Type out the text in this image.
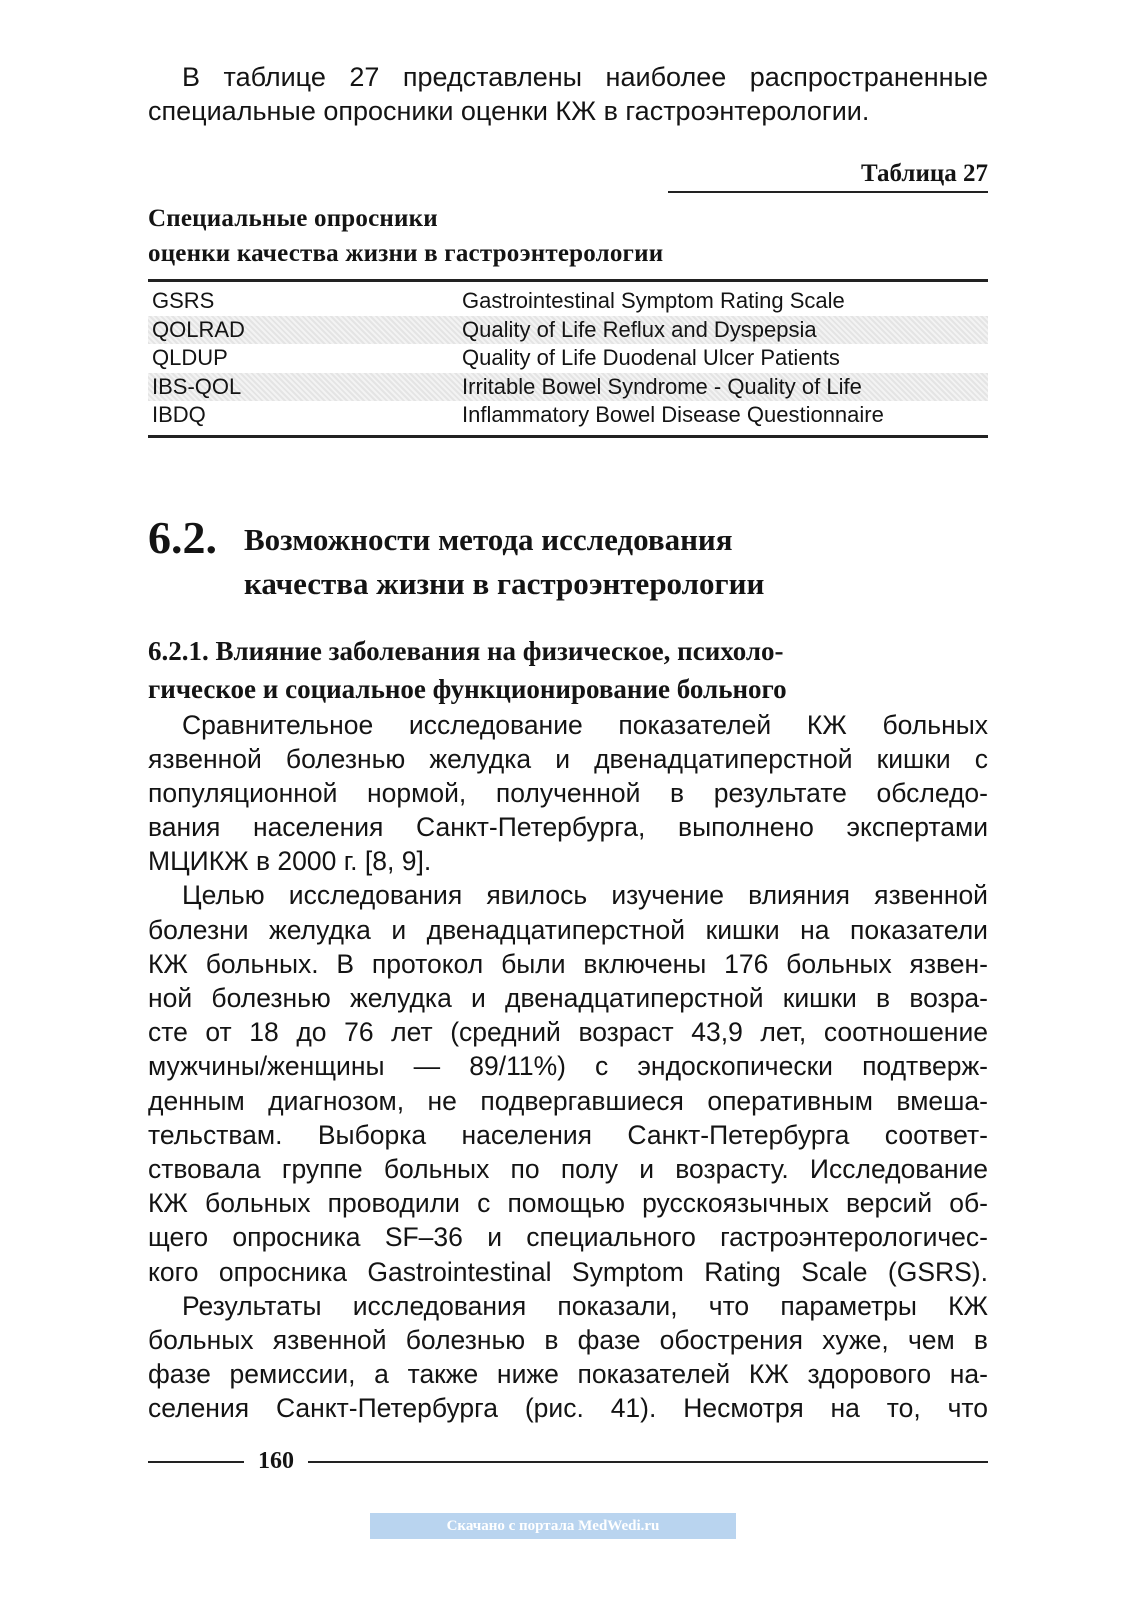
В таблице 27 представлены наиболее распространенные специальные опросники оценки КЖ в гастроэнтерологии.

Таблица 27
Специальные опросники
оценки качества жизни в гастроэнтерологии
GSRS	Gastrointestinal Symptom Rating Scale
QOLRAD	Quality of Life Reflux and Dyspepsia
QLDUP	Quality of Life Duodenal Ulcer Patients
IBS-QOL	Irritable Bowel Syndrome - Quality of Life
IBDQ	Inflammatory Bowel Disease Questionnaire
6.2. Возможности метода исследования
качества жизни в гастроэнтерологии
6.2.1. Влияние заболевания на физическое, психоло-
гическое и социальное функционирование больного

Сравнительное исследование показателей КЖ больных
язвенной болезнью желудка и двенадцатиперстной кишки с
популяционной нормой, полученной в результате обследо-
вания населения Санкт-Петербурга, выполнено экспертами
МЦИКЖ в 2000 г. [8, 9].

Целью исследования явилось изучение влияния язвенной
болезни желудка и двенадцатиперстной кишки на показатели
КЖ больных. В протокол были включены 176 больных язвен-
ной болезнью желудка и двенадцатиперстной кишки в возра-
сте от 18 до 76 лет (средний возраст 43,9 лет, соотношение
мужчины/женщины — 89/11%) с эндоскопически подтверж-
денным диагнозом, не подвергавшиеся оперативным вмеша-
тельствам. Выборка населения Санкт-Петербурга соответ-
ствовала группе больных по полу и возрасту. Исследование
КЖ больных проводили с помощью русскоязычных версий об-
щего опросника SF–36 и специального гастроэнтерологичес-
кого опросника Gastrointestinal Symptom Rating Scale (GSRS).

Результаты исследования показали, что параметры КЖ
больных язвенной болезнью в фазе обострения хуже, чем в
фазе ремиссии, а также ниже показателей КЖ здорового на-
селения Санкт-Петербурга (рис. 41). Несмотря на то, что

160
Скачано с портала MedWedi.ru
